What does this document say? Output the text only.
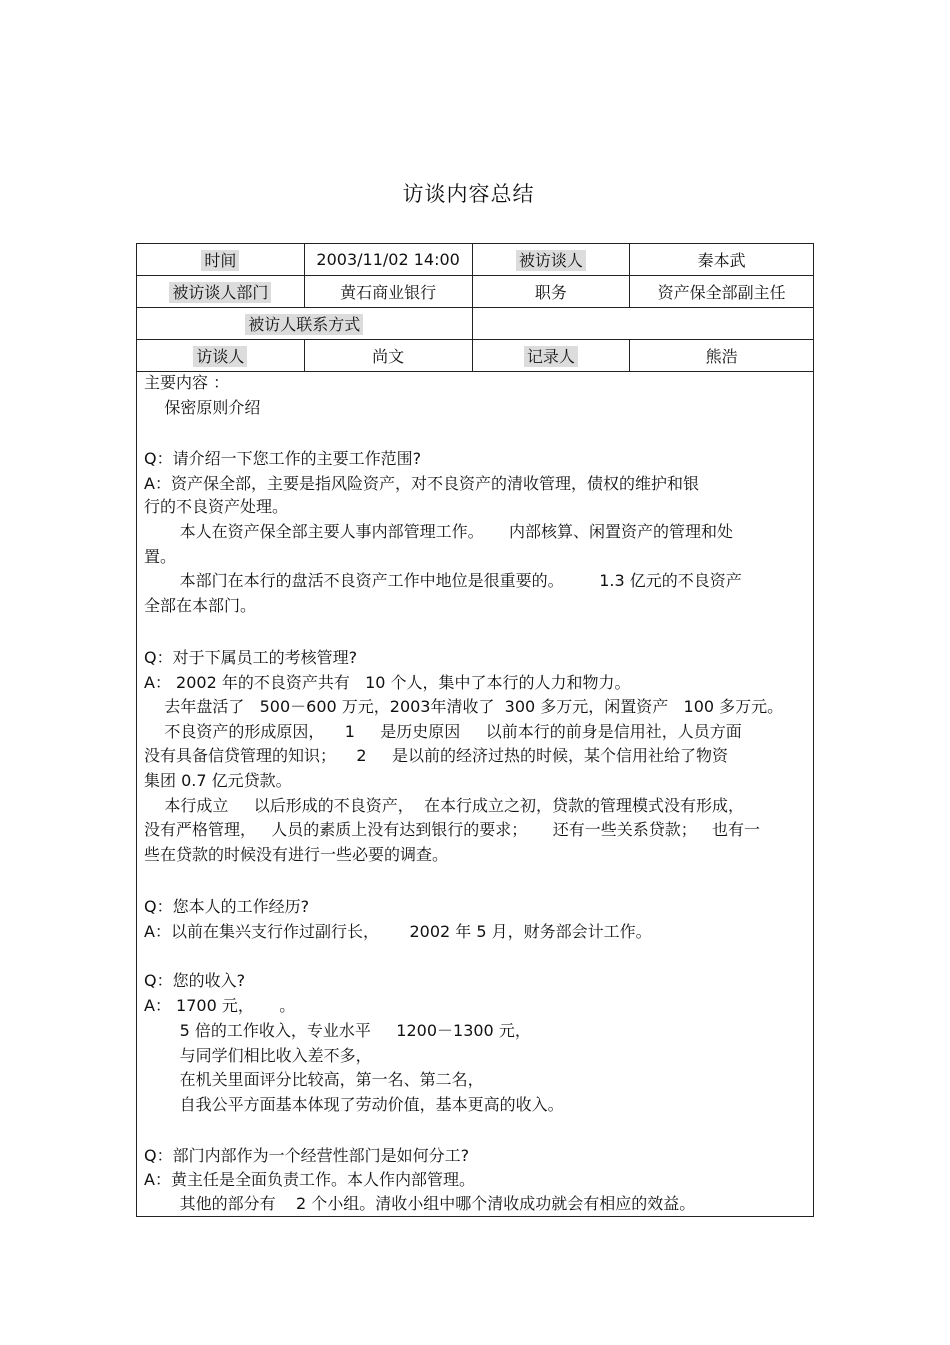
访谈内容总结
时间	2003/11/02 14:00	被访谈人	秦本武
被访谈人部门	黄石商业银行	职务	资产保全部副主任
被访人联系方式			
访谈人	尚文	记录人	熊浩
主要内容 ：
保密原则介绍
Q：请介绍一下您工作的主要工作范围?
A：资产保全部，主要是指风险资产，对不良资产的清收管理，债权的维护和银
行的不良资产处理。
本人在资产保全部主要人事内部管理工作。     内部核算、闲置资产的管理和处
置。
本部门在本行的盘活不良资产工作中地位是很重要的。       1.3 亿元的不良资产
全部在本部门。
Q：对于下属员工的考核管理?
A： 2002 年的不良资产共有   10 个人，集中了本行的人力和物力。
去年盘活了   500－600 万元，2003年清收了  300 多万元，闲置资产   100 多万元。
不良资产的形成原因，    1     是历史原因     以前本行的前身是信用社，人员方面
没有具备信贷管理的知识；    2     是以前的经济过热的时候，某个信用社给了物资
集团 0.7 亿元贷款。
本行成立     以后形成的不良资产，  在本行成立之初，贷款的管理模式没有形成，
没有严格管理，   人员的素质上没有达到银行的要求；     还有一些关系贷款；   也有一
些在贷款的时候没有进行一些必要的调查。
Q：您本人的工作经历?
A：以前在集兴支行作过副行长，      2002 年 5 月，财务部会计工作。
Q：您的收入?
A： 1700 元，     。
5 倍的工作收入，专业水平     1200－1300 元，
与同学们相比收入差不多，
在机关里面评分比较高，第一名、第二名，
自我公平方面基本体现了劳动价值，基本更高的收入。
Q：部门内部作为一个经营性部门是如何分工?
A：黄主任是全面负责工作。本人作内部管理。
其他的部分有    2 个小组。清收小组中哪个清收成功就会有相应的效益。
